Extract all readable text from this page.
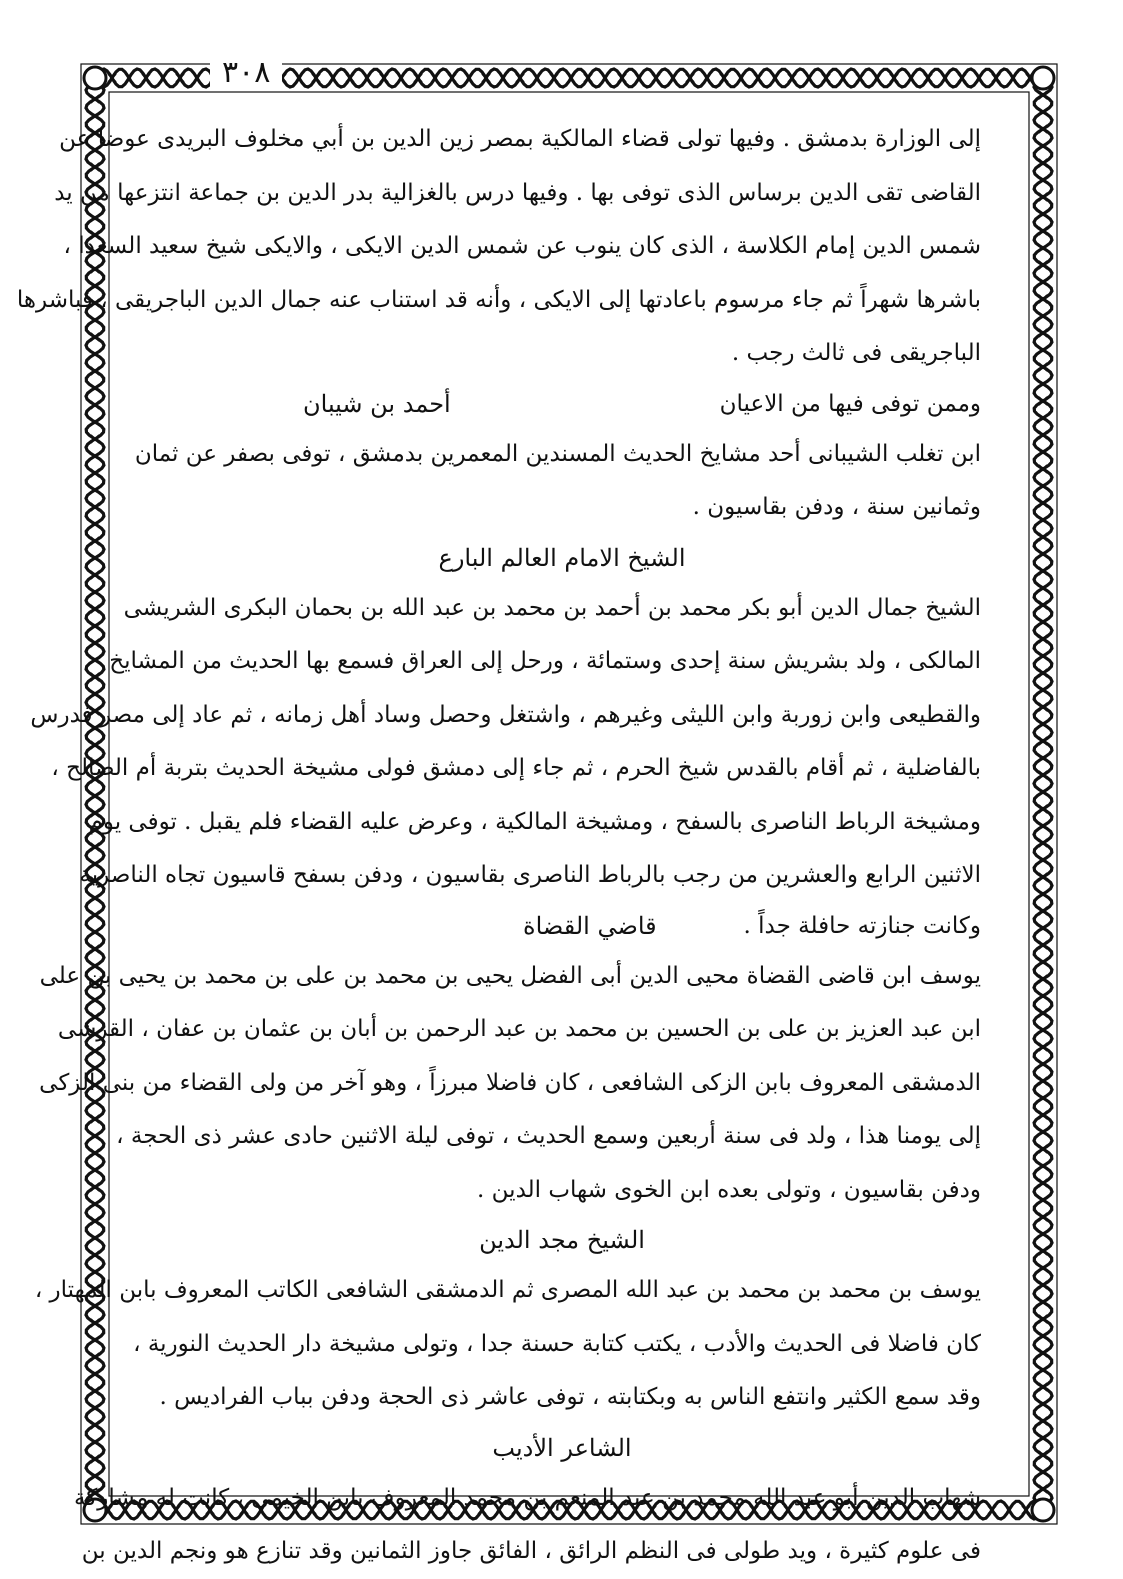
٣٠٨
إلى الوزارة بدمشق . وفيها تولى قضاء المالكية بمصر زين الدين بن أبي مخلوف البريدى عوضا عن
القاضى تقى الدين برساس الذى توفى بها . وفيها درس بالغزالية بدر الدين بن جماعة انتزعها من يد
شمس الدين إمام الكلاسة ، الذى كان ينوب عن شمس الدين الايكى ، والايكى شيخ سعيد السعدا ،
باشرها شهراً ثم جاء مرسوم باعادتها إلى الايكى ، وأنه قد استناب عنه جمال الدين الباجريقى ، فباشرها
الباجريقى فى ثالث رجب .
وممن توفى فيها من الاعيان
أحمد بن شيبان
ابن تغلب الشيبانى أحد مشايخ الحديث المسندين المعمرين بدمشق ، توفى بصفر عن ثمان
وثمانين سنة ، ودفن بقاسيون .
الشيخ الامام العالم البارع
الشيخ جمال الدين أبو بكر محمد بن أحمد بن محمد بن عبد الله بن بحمان البكرى الشريشى
المالكى ، ولد بشريش سنة إحدى وستمائة ، ورحل إلى العراق فسمع بها الحديث من المشايخ
والقطيعى وابن زوربة وابن الليثى وغيرهم ، واشتغل وحصل وساد أهل زمانه ، ثم عاد إلى مصر فدرس
بالفاضلية ، ثم أقام بالقدس شيخ الحرم ، ثم جاء إلى دمشق فولى مشيخة الحديث بتربة أم الصالح ،
ومشيخة الرباط الناصرى بالسفح ، ومشيخة المالكية ، وعرض عليه القضاء فلم يقبل . توفى يوم
الاثنين الرابع والعشرين من رجب بالرباط الناصرى بقاسيون ، ودفن بسفح قاسيون تجاه الناصرية
وكانت جنازته حافلة جداً .
قاضي القضاة
يوسف ابن قاضى القضاة محيى الدين أبى الفضل يحيى بن محمد بن على بن محمد بن يحيى بن على
ابن عبد العزيز بن على بن الحسين بن محمد بن عبد الرحمن بن أبان بن عثمان بن عفان ، القرشى
الدمشقى المعروف بابن الزكى الشافعى ، كان فاضلا مبرزاً ، وهو آخر من ولى القضاء من بنى الزكى
إلى يومنا هذا ، ولد فى سنة أربعين وسمع الحديث ، توفى ليلة الاثنين حادى عشر ذى الحجة ،
ودفن بقاسيون ، وتولى بعده ابن الخوى شهاب الدين .
الشيخ مجد الدين
يوسف بن محمد بن محمد بن عبد الله المصرى ثم الدمشقى الشافعى الكاتب المعروف بابن المهتار ،
كان فاضلا فى الحديث والأدب ، يكتب كتابة حسنة جدا ، وتولى مشيخة دار الحديث النورية ،
وقد سمع الكثير وانتفع الناس به وبكتابته ، توفى عاشر ذى الحجة ودفن بباب الفراديس .
الشاعر الأديب
شهاب الدين أبو عبد الله محمد بن عبد المنعم بن محمد المعروف بابن الخيمى ، كانت له مشاركة
فى علوم كثيرة ، ويد طولى فى النظم الرائق ، الفائق جاوز الثمانين وقد تنازع هو ونجم الدين بن
